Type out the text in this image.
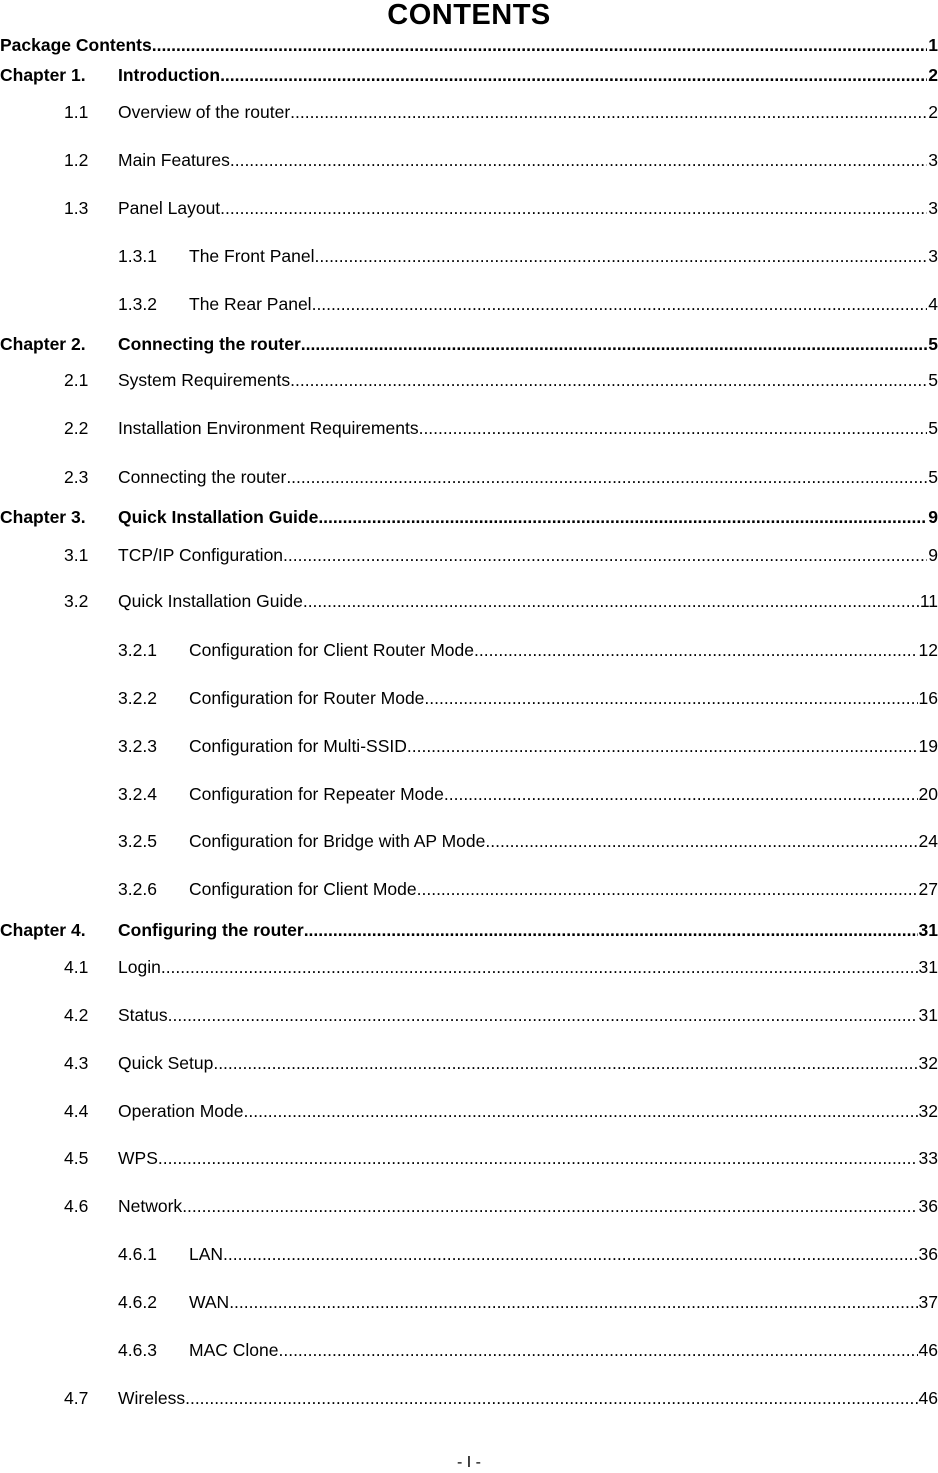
CONTENTS
Package Contents .....	1
Chapter 1.	Introduction .....	2
1.1	Overview of the router .....	2
1.2	Main Features .....	3
1.3	Panel Layout .....	3
1.3.1	The Front Panel .....	3
1.3.2	The Rear Panel .....	4
Chapter 2.	Connecting the router .....	5
2.1	System Requirements .....	5
2.2	Installation Environment Requirements .....	5
2.3	Connecting the router .....	5
Chapter 3.	Quick Installation Guide .....	9
3.1	TCP/IP Configuration .....	9
3.2	Quick Installation Guide .....	11
3.2.1	Configuration for Client Router Mode .....	12
3.2.2	Configuration for Router Mode .....	16
3.2.3	Configuration for Multi-SSID .....	19
3.2.4	Configuration for Repeater Mode .....	20
3.2.5	Configuration for Bridge with AP Mode .....	24
3.2.6	Configuration for Client Mode .....	27
Chapter 4.	Configuring the router .....	31
4.1	Login .....	31
4.2	Status .....	31
4.3	Quick Setup .....	32
4.4	Operation Mode .....	32
4.5	WPS .....	33
4.6	Network .....	36
4.6.1	LAN .....	36
4.6.2	WAN .....	37
4.6.3	MAC Clone .....	46
4.7	Wireless .....	46
- I -
